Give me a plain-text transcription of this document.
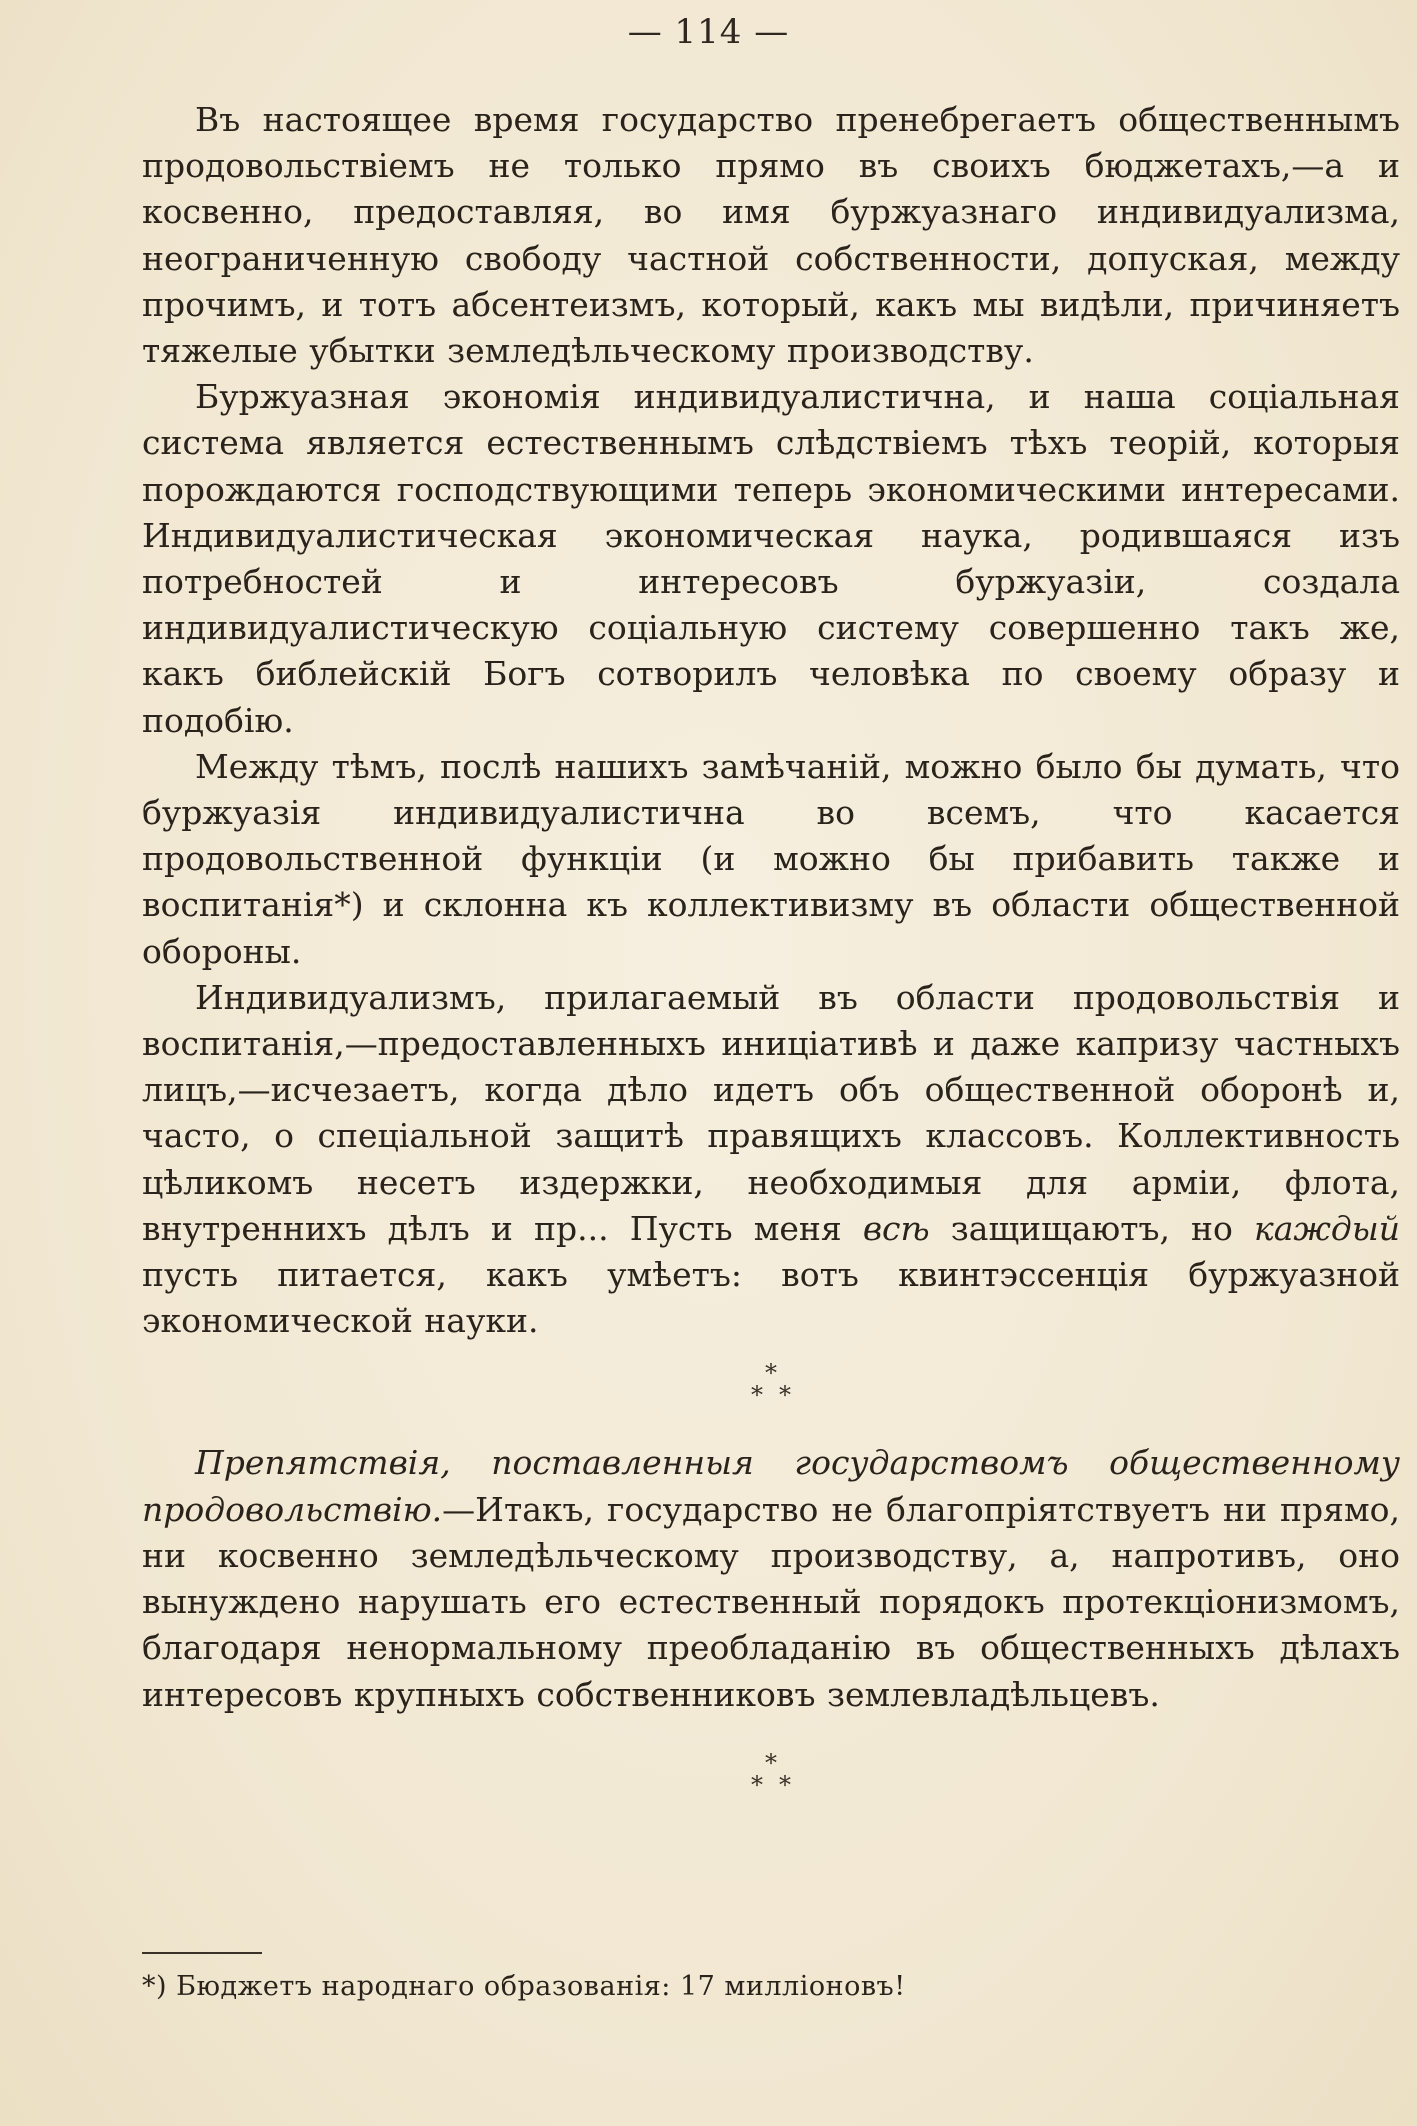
— 114 —

Въ настоящее время государство пренебрегаетъ общественнымъ продовольствіемъ не только прямо въ своихъ бюджетахъ,—а и косвенно, предоставляя, во имя буржуазнаго индивидуализма, неограниченную свободу частной собственности, допуская, между прочимъ, и тотъ абсентеизмъ, который, какъ мы видѣли, причиняетъ тяжелые убытки земледѣльческому производству.

Буржуазная экономія индивидуалистична, и наша соціальная система является естественнымъ слѣдствіемъ тѣхъ теорій, которыя порождаются господствующими теперь экономическими интересами. Индивидуалистическая экономическая наука, родившаяся изъ потребностей и интересовъ буржуазіи, создала индивидуалистическую соціальную систему совершенно такъ же, какъ библейскій Богъ сотворилъ человѣка по своему образу и подобію.

Между тѣмъ, послѣ нашихъ замѣчаній, можно было бы думать, что буржуазія индивидуалистична во всемъ, что касается продовольственной функціи (и можно бы прибавить также и воспитанія*) и склонна къ коллективизму въ области общественной обороны.

Индивидуализмъ, прилагаемый въ области продовольствія и воспитанія,—предоставленныхъ иниціативѣ и даже капризу частныхъ лицъ,—исчезаетъ, когда дѣло идетъ объ общественной оборонѣ и, часто, о спеціальной защитѣ правящихъ классовъ. Коллективность цѣликомъ несетъ издержки, необходимыя для арміи, флота, внутреннихъ дѣлъ и пр... Пусть меня всѣ защищаютъ, но каждый пусть питается, какъ умѣетъ: вотъ квинтэссенція буржуазной экономической науки.

*
* *

Препятствія, поставленныя государствомъ общественному продовольствію.—Итакъ, государство не благопріятствуетъ ни прямо, ни косвенно земледѣльческому производству, а, напротивъ, оно вынуждено нарушать его естественный порядокъ протекціонизмомъ, благодаря ненормальному преобладанію въ общественныхъ дѣлахъ интересовъ крупныхъ собственниковъ землевладѣльцевъ.

*
* *
*) Бюджетъ народнаго образованія: 17 милліоновъ!
